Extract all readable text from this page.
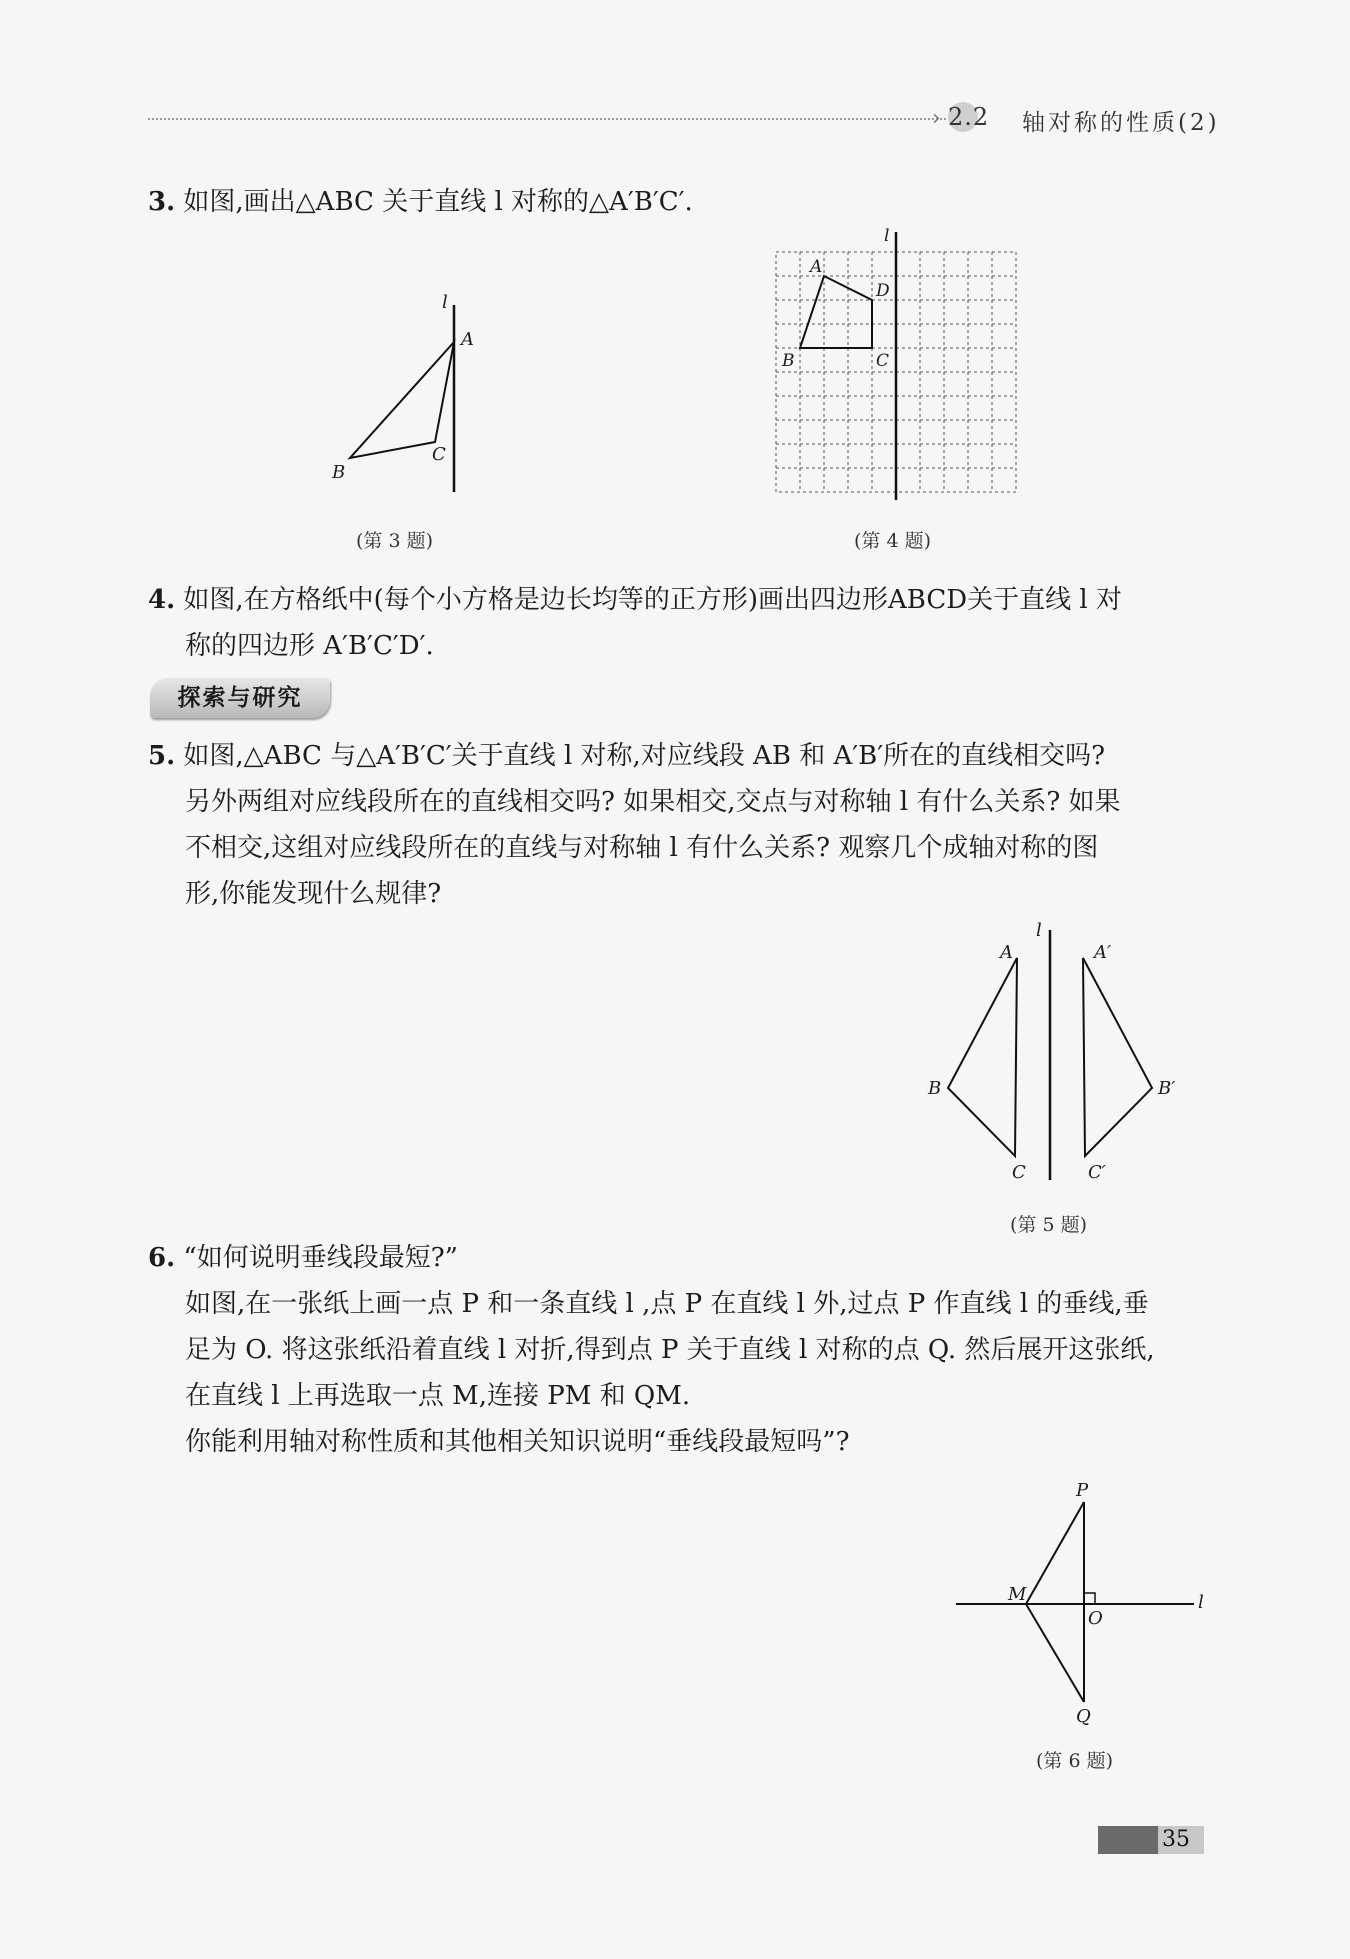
› 2.2 轴对称的性质(2)
3. 如图,画出△ABC 关于直线 l 对称的△A′B′C′.
l
A
B
C
(第 3 题)
l
A
D
B	C
(第 4 题)
4. 如图,在方格纸中(每个小方格是边长均等的正方形)画出四边形ABCD关于直线 l 对
称的四边形 A′B′C′D′.
探索与研究
5. 如图,△ABC 与△A′B′C′关于直线 l 对称,对应线段 AB 和 A′B′所在的直线相交吗?
另外两组对应线段所在的直线相交吗? 如果相交,交点与对称轴 l 有什么关系? 如果
不相交,这组对应线段所在的直线与对称轴 l 有什么关系? 观察几个成轴对称的图
形,你能发现什么规律?
l
A
B
C
A′
B′
C′
(第 5 题)
6. “如何说明垂线段最短?”
如图,在一张纸上画一点 P 和一条直线 l ,点 P 在直线 l 外,过点 P 作直线 l 的垂线,垂
足为 O. 将这张纸沿着直线 l 对折,得到点 P 关于直线 l 对称的点 Q. 然后展开这张纸,
在直线 l 上再选取一点 M,连接 PM 和 QM.
你能利用轴对称性质和其他相关知识说明“垂线段最短吗”?
P
M
O
Q
l
(第 6 题)
35
